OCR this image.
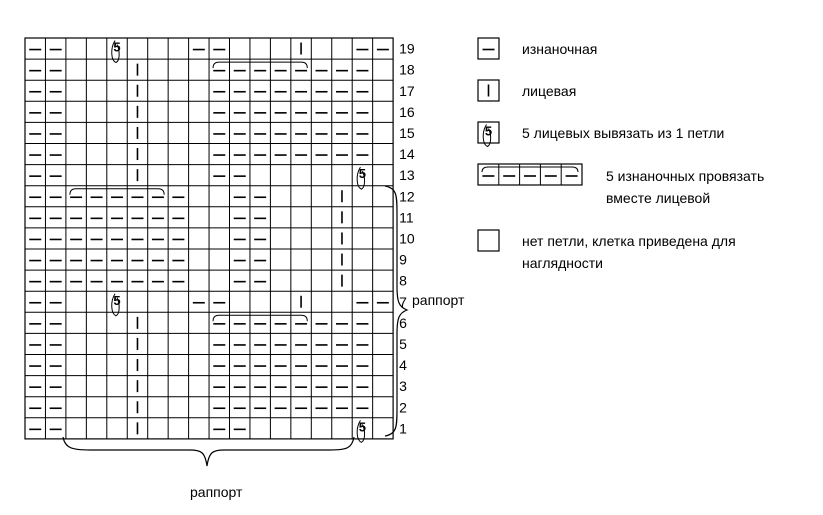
5
5
5
5
19
18
17
16
15
14
13
12
11
10
9
8
7
6
5
4
3
2
1
раппорт
раппорт
изнаночная
лицевая
5 5 лицевых вывязать из 1 петли
5 изнаночных провязать
вместе лицевой
нет петли, клетка приведена для
наглядности
